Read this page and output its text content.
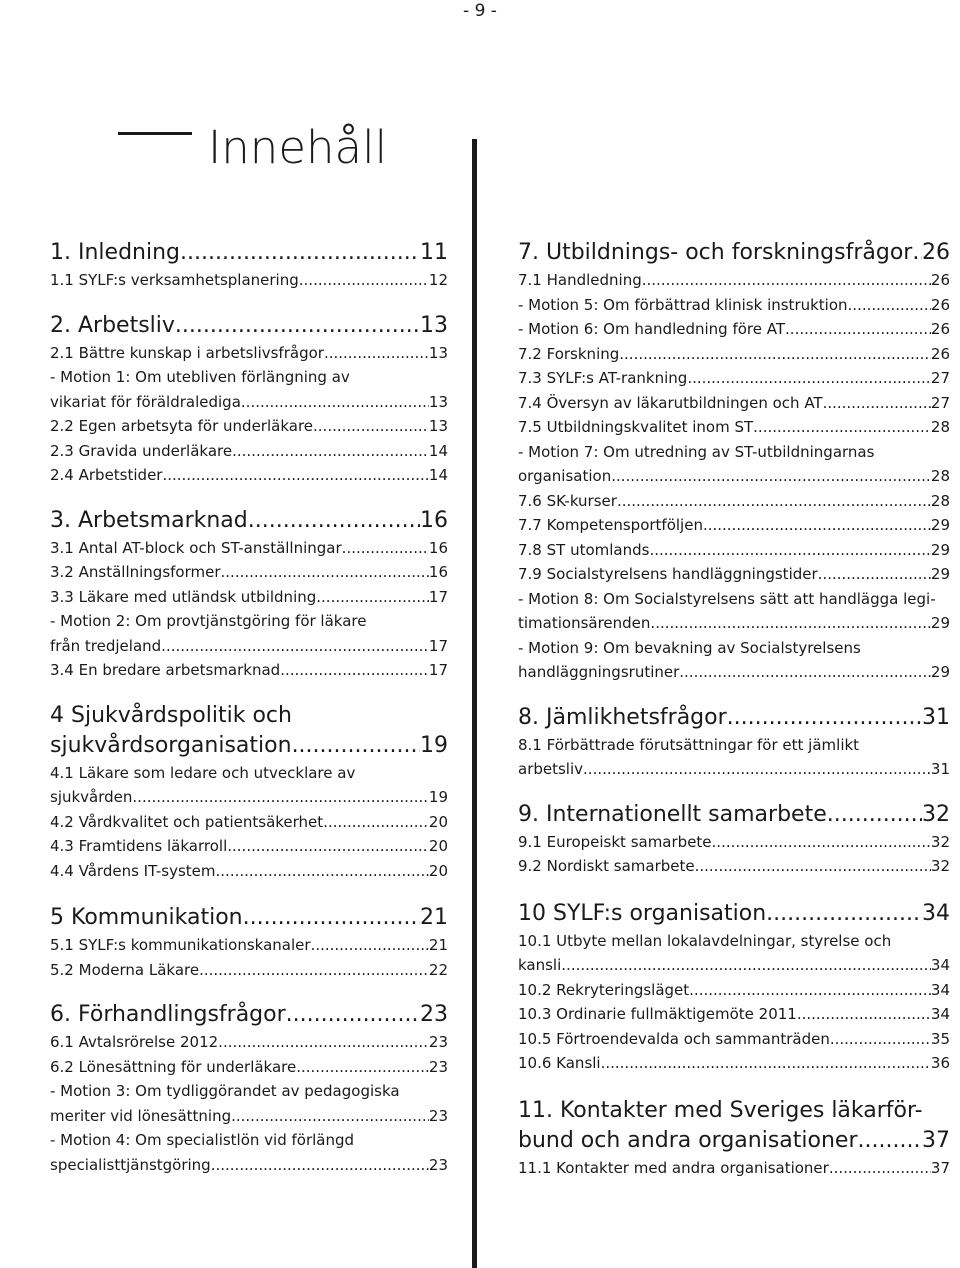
- 9 -
Innehåll
1. Inledning .....	11
1.1 SYLF:s verksamhetsplanering .....	12
2. Arbetsliv .....	13
2.1 Bättre kunskap i arbetslivsfrågor .....	13
- Motion 1: Om utebliven förlängning av
vikariat för föräldralediga .....	13
2.2 Egen arbetsyta för underläkare .....	13
2.3 Gravida underläkare .....	14
2.4 Arbetstider .....	14
3. Arbetsmarknad .....	16
3.1 Antal AT-block och ST-anställningar .....	16
3.2 Anställningsformer .....	16
3.3 Läkare med utländsk utbildning .....	17
- Motion 2: Om provtjänstgöring för läkare
från tredjeland .....	17
3.4 En bredare arbetsmarknad .....	17
4 Sjukvårdspolitik och
sjukvårdsorganisation .....	19
4.1 Läkare som ledare och utvecklare av
sjukvården .....	19
4.2 Vårdkvalitet och patientsäkerhet .....	20
4.3 Framtidens läkarroll .....	20
4.4 Vårdens IT-system .....	20
5 Kommunikation .....	21
5.1 SYLF:s kommunikationskanaler .....	21
5.2 Moderna Läkare .....	22
6. Förhandlingsfrågor .....	23
6.1 Avtalsrörelse 2012 .....	23
6.2 Lönesättning för underläkare .....	23
- Motion 3: Om tydliggörandet av pedagogiska
meriter vid lönesättning .....	23
- Motion 4: Om specialistlön vid förlängd
specialisttjänstgöring .....	23
7. Utbildnings- och forskningsfrågor ..... 26
7.1 Handledning .....	26
- Motion 5: Om förbättrad klinisk instruktion .....	26
- Motion 6: Om handledning före AT .....	26
7.2 Forskning .....	26
7.3 SYLF:s AT-rankning .....	27
7.4 Översyn av läkarutbildningen och AT .....	27
7.5 Utbildningskvalitet inom ST .....	28
- Motion 7: Om utredning av ST-utbildningarnas
organisation .....	28
7.6 SK-kurser .....	28
7.7 Kompetensportföljen .....	29
7.8 ST utomlands .....	29
7.9 Socialstyrelsens handläggningstider .....	29
- Motion 8: Om Socialstyrelsens sätt att handlägga legi-
timationsärenden .....	29
- Motion 9: Om bevakning av Socialstyrelsens
handläggningsrutiner .....	29
8. Jämlikhetsfrågor .....	31
8.1 Förbättrade förutsättningar för ett jämlikt
arbetsliv .....	31
9. Internationellt samarbete .....	32
9.1 Europeiskt samarbete .....	32
9.2 Nordiskt samarbete .....	32
10 SYLF:s organisation .....	34
10.1 Utbyte mellan lokalavdelningar, styrelse och
kansli .....	34
10.2 Rekryteringsläget .....	34
10.3 Ordinarie fullmäktigemöte 2011 .....	34
10.5 Förtroendevalda och sammanträden .....	35
10.6 Kansli .....	36
11. Kontakter med Sveriges läkarför-
bund och andra organisationer .....	37
11.1 Kontakter med andra organisationer .....	37
